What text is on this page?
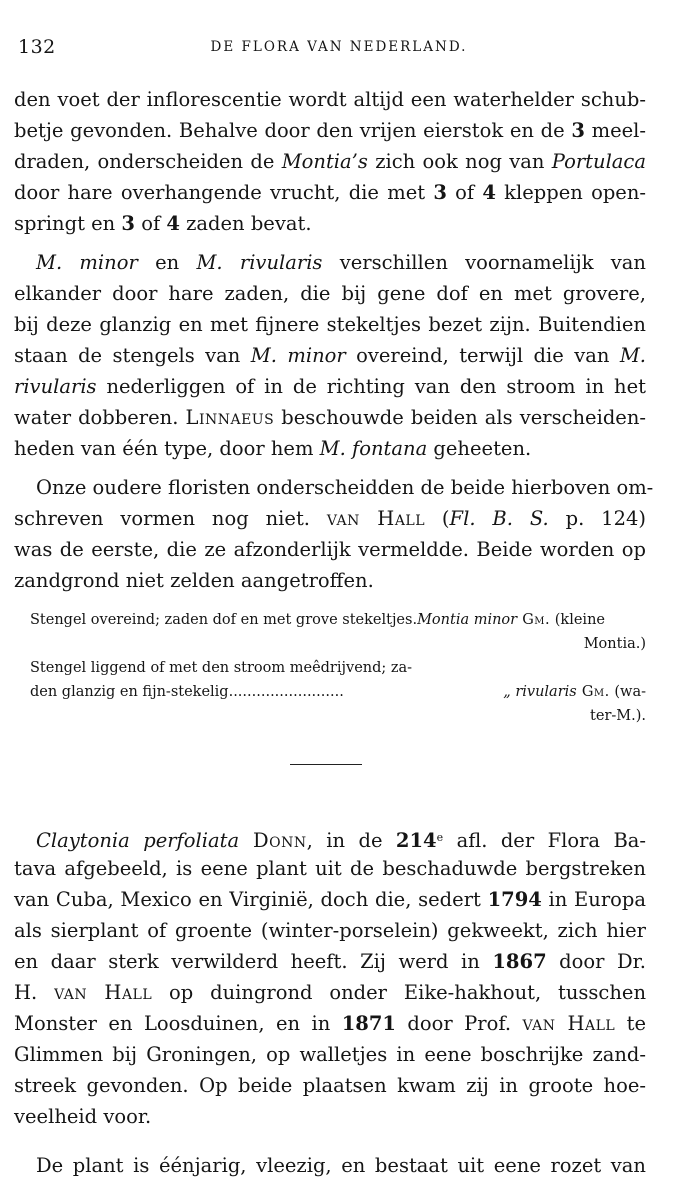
132	DE FLORA VAN NEDERLAND.
den voet der inflorescentie wordt altijd een waterhelder schub-
betje gevonden. Behalve door den vrijen eierstok en de 3 meel-
draden, onderscheiden de Montia’s zich ook nog van Portulaca
door hare overhangende vrucht, die met 3 of 4 kleppen open-
springt en 3 of 4 zaden bevat.
M. minor en M. rivularis verschillen voornamelijk van
elkander door hare zaden, die bij gene dof en met grovere,
bij deze glanzig en met fijnere stekeltjes bezet zijn. Buitendien
staan de stengels van M. minor overeind, terwijl die van M.
rivularis nederliggen of in de richting van den stroom in het
water dobberen. Linnaeus beschouwde beiden als verscheiden-
heden van één type, door hem M. fontana geheeten.
Onze oudere floristen onderscheidden de beide hierboven om-
schreven vormen nog niet. van Hall (Fl. B. S. p. 124)
was de eerste, die ze afzonderlijk vermeldde. Beide worden op
zandgrond niet zelden aangetroffen.
Stengel overeind; zaden dof en met grove stekeltjes.Montia minor Gm. (kleine
Montia.)
Stengel liggend of met den stroom meêdrijvend; za-
den glanzig en fijn-stekelig.........................	„ rivularis Gm. (wa-
ter-M.).
Claytonia perfoliata Donn, in de 214e afl. der Flora Ba-
tava afgebeeld, is eene plant uit de beschaduwde bergstreken
van Cuba, Mexico en Virginië, doch die, sedert 1794 in Europa
als sierplant of groente (winter-porselein) gekweekt, zich hier
en daar sterk verwilderd heeft. Zij werd in 1867 door Dr.
H. van Hall op duingrond onder Eike-hakhout, tusschen
Monster en Loosduinen, en in 1871 door Prof. van Hall te
Glimmen bij Groningen, op walletjes in eene boschrijke zand-
streek gevonden. Op beide plaatsen kwam zij in groote hoe-
veelheid voor.
De plant is éénjarig, vleezig, en bestaat uit eene rozet van
